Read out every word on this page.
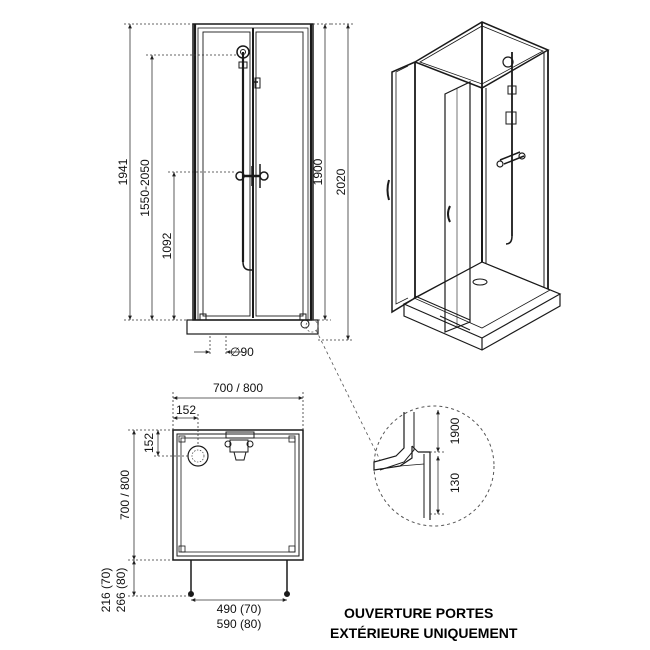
1941 1550-2050
1092
1900 2020
∅90
1900
130
700 / 800
152
700 / 800
152
216 (70) 266 (80)	490 (70)
590 (80)
OUVERTURE PORTES
EXTÉRIEURE UNIQUEMENT
